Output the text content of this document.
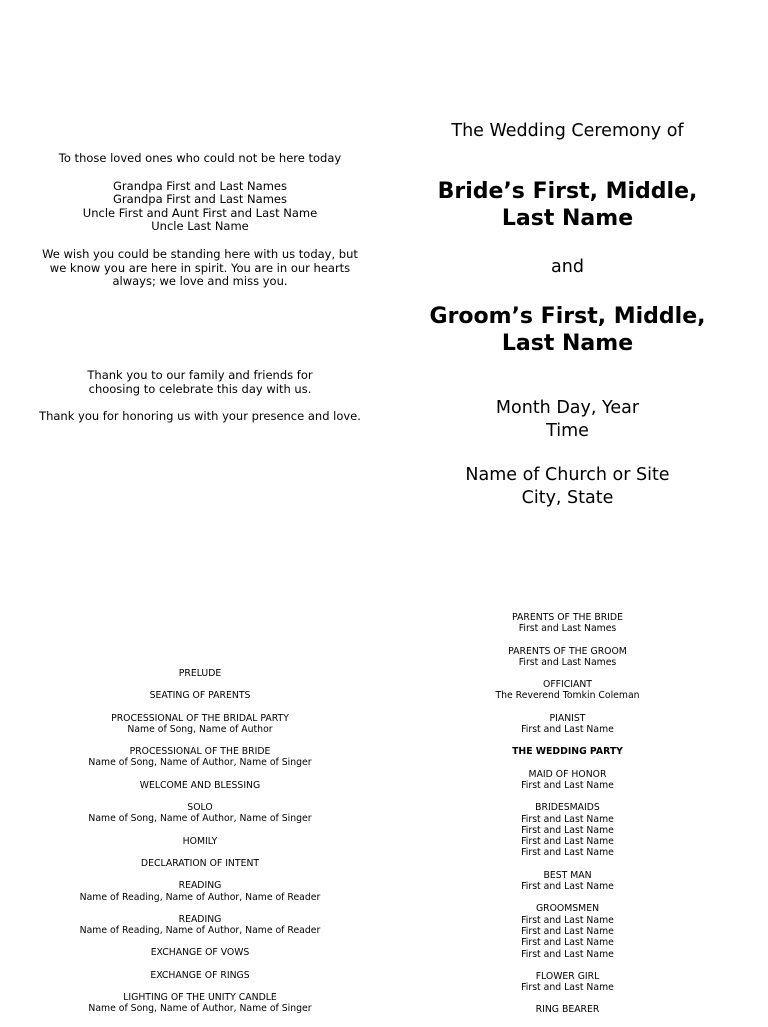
To those loved ones who could not be here today

Grandpa First and Last Names

Grandpa First and Last Names

Uncle First and Aunt First and Last Name

Uncle Last Name

We wish you could be standing here with us today, but

we know you are here in spirit. You are in our hearts

always; we love and miss you.

Thank you to our family and friends for

choosing to celebrate this day with us.

Thank you for honoring us with your presence and love.

The Wedding Ceremony of

Bride’s First, Middle,

Last Name

and

Groom’s First, Middle,

Last Name

Month Day, Year

Time

Name of Church or Site

City, State

PRELUDE

SEATING OF PARENTS

PROCESSIONAL OF THE BRIDAL PARTY

Name of Song, Name of Author

PROCESSIONAL OF THE BRIDE

Name of Song, Name of Author, Name of Singer

WELCOME AND BLESSING

SOLO

Name of Song, Name of Author, Name of Singer

HOMILY

DECLARATION OF INTENT

READING

Name of Reading, Name of Author, Name of Reader

READING

Name of Reading, Name of Author, Name of Reader

EXCHANGE OF VOWS

EXCHANGE OF RINGS

LIGHTING OF THE UNITY CANDLE

Name of Song, Name of Author, Name of Singer

PARENTS OF THE BRIDE

First and Last Names

PARENTS OF THE GROOM

First and Last Names

OFFICIANT

The Reverend Tomkin Coleman

PIANIST

First and Last Name

THE WEDDING PARTY

MAID OF HONOR

First and Last Name

BRIDESMAIDS

First and Last Name

First and Last Name

First and Last Name

First and Last Name

BEST MAN

First and Last Name

GROOMSMEN

First and Last Name

First and Last Name

First and Last Name

First and Last Name

FLOWER GIRL

First and Last Name

RING BEARER
